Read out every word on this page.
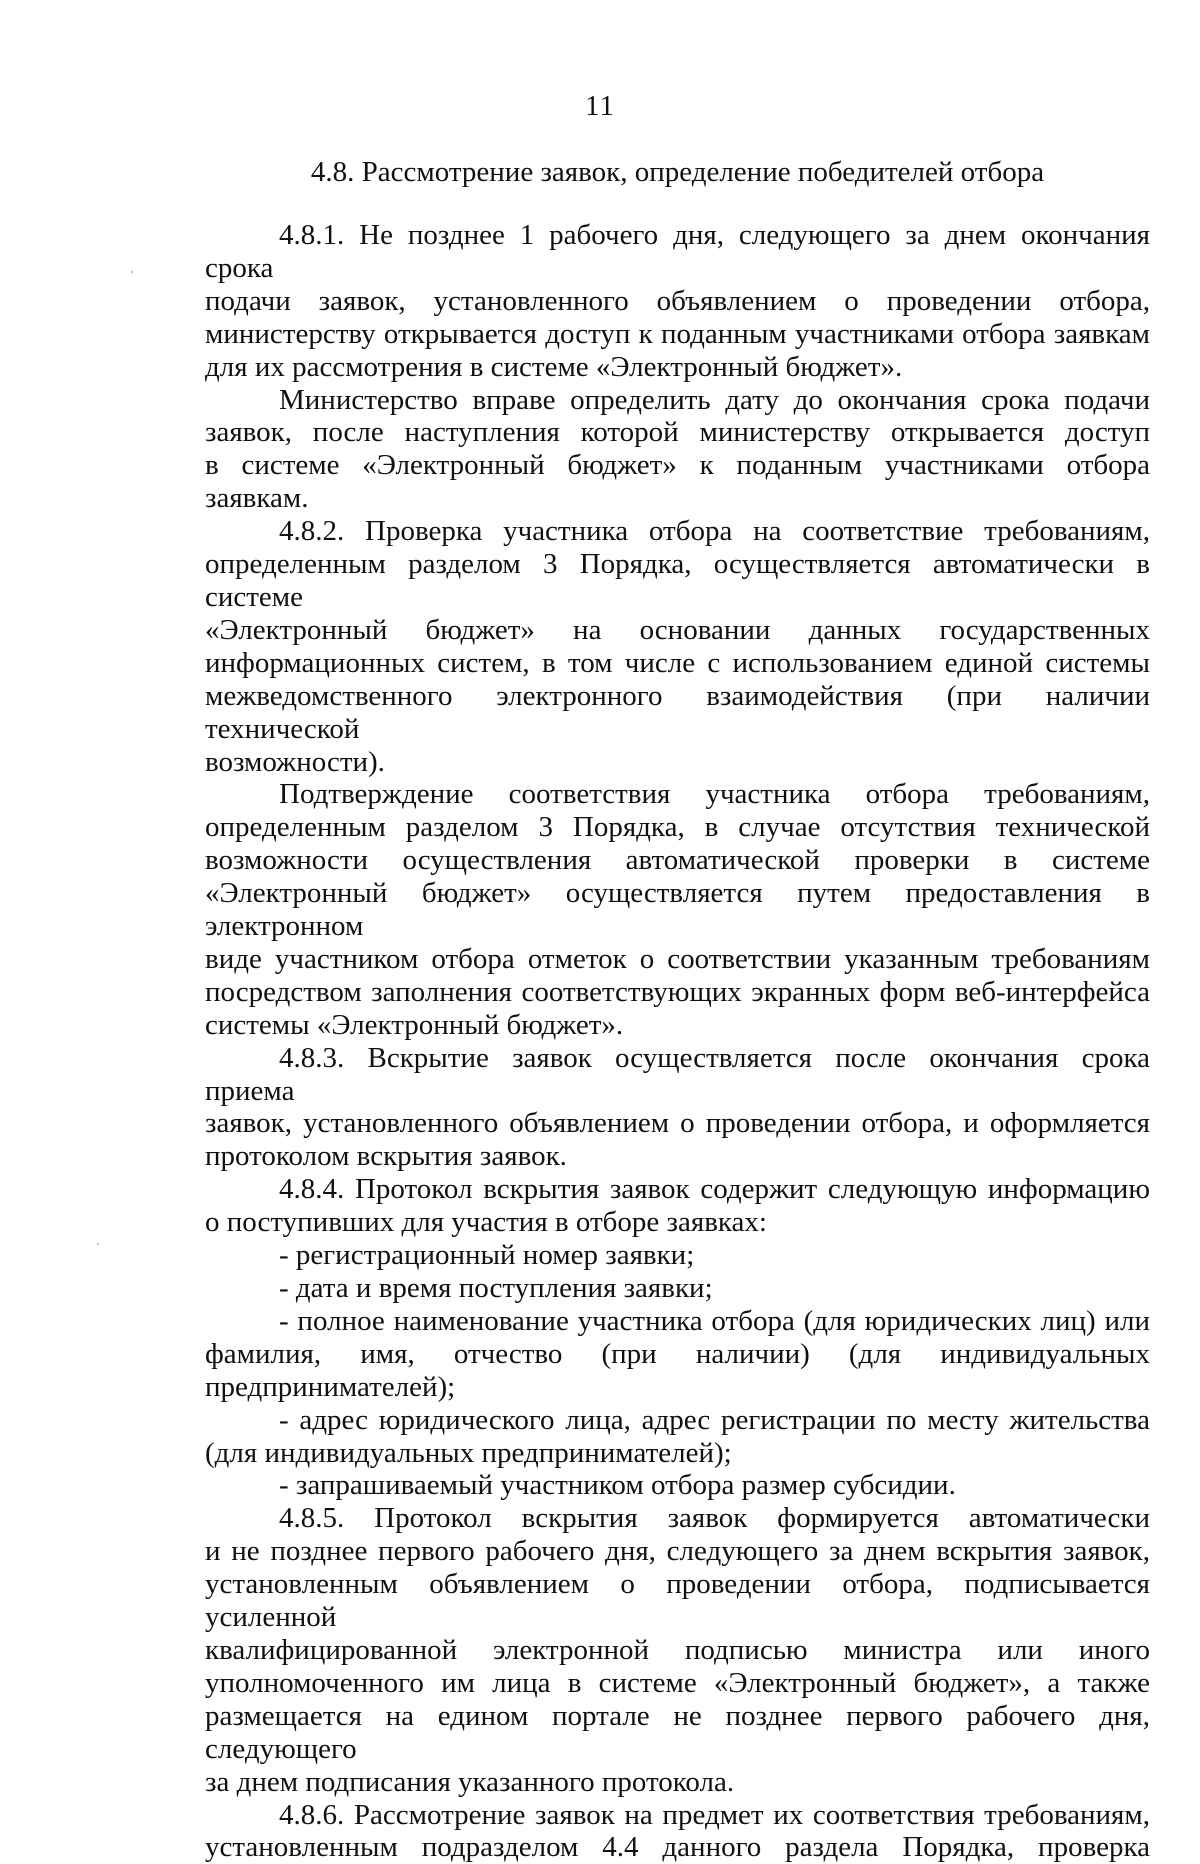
11
4.8. Рассмотрение заявок, определение победителей отбора
4.8.1. Не позднее 1 рабочего дня, следующего за днем окончания срока
подачи заявок, установленного объявлением о проведении отбора,
министерству открывается доступ к поданным участниками отбора заявкам
для их рассмотрения в системе «Электронный бюджет».
Министерство вправе определить дату до окончания срока подачи
заявок, после наступления которой министерству открывается доступ
в системе «Электронный бюджет» к поданным участниками отбора заявкам.
4.8.2. Проверка участника отбора на соответствие требованиям,
определенным разделом 3 Порядка, осуществляется автоматически в системе
«Электронный бюджет» на основании данных государственных
информационных систем, в том числе с использованием единой системы
межведомственного электронного взаимодействия (при наличии технической
возможности).
Подтверждение соответствия участника отбора требованиям,
определенным разделом 3 Порядка, в случае отсутствия технической
возможности осуществления автоматической проверки в системе
«Электронный бюджет» осуществляется путем предоставления в электронном
виде участником отбора отметок о соответствии указанным требованиям
посредством заполнения соответствующих экранных форм веб-интерфейса
системы «Электронный бюджет».
4.8.3. Вскрытие заявок осуществляется после окончания срока приема
заявок, установленного объявлением о проведении отбора, и оформляется
протоколом вскрытия заявок.
4.8.4. Протокол вскрытия заявок содержит следующую информацию
о поступивших для участия в отборе заявках:
- регистрационный номер заявки;
- дата и время поступления заявки;
- полное наименование участника отбора (для юридических лиц) или
фамилия, имя, отчество (при наличии) (для индивидуальных
предпринимателей);
- адрес юридического лица, адрес регистрации по месту жительства
(для индивидуальных предпринимателей);
- запрашиваемый участником отбора размер субсидии.
4.8.5. Протокол вскрытия заявок формируется автоматически
и не позднее первого рабочего дня, следующего за днем вскрытия заявок,
установленным объявлением о проведении отбора, подписывается усиленной
квалифицированной электронной подписью министра или иного
уполномоченного им лица в системе «Электронный бюджет», а также
размещается на едином портале не позднее первого рабочего дня, следующего
за днем подписания указанного протокола.
4.8.6. Рассмотрение заявок на предмет их соответствия требованиям,
установленным подразделом 4.4 данного раздела Порядка, проверка
